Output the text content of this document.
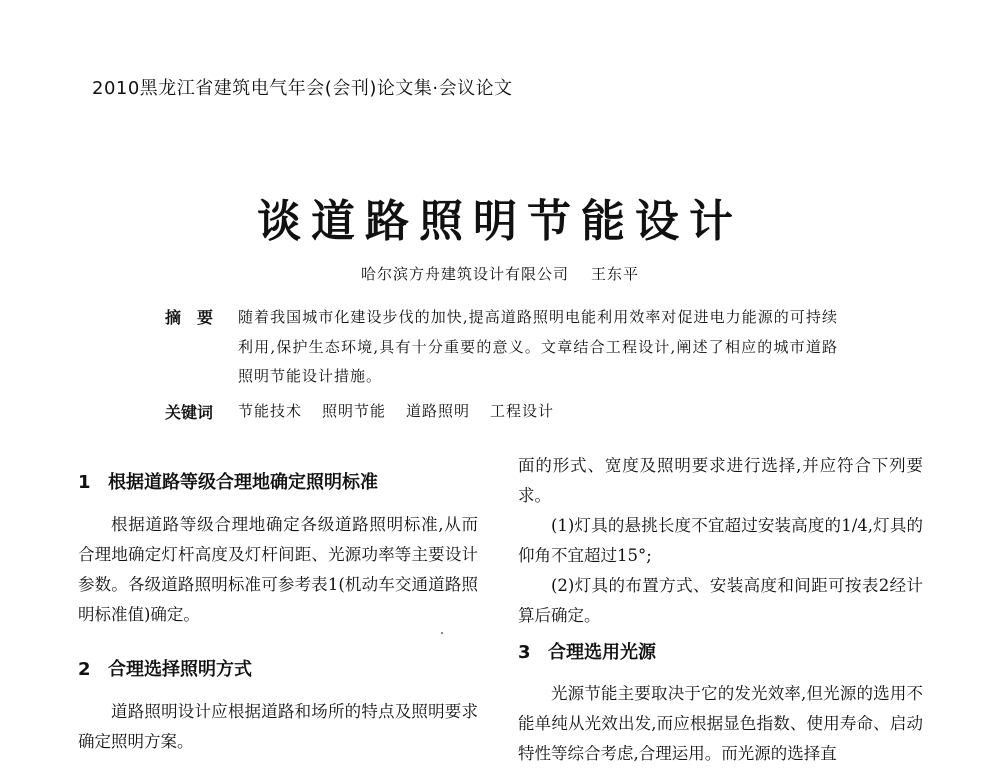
2010黑龙江省建筑电气年会(会刊)论文集·会议论文
谈道路照明节能设计
哈尔滨方舟建筑设计有限公司 王东平
摘 要 随着我国城市化建设步伐的加快,提高道路照明电能利用效率对促进电力能源的可持续利用,保护生态环境,具有十分重要的意义。文章结合工程设计,阐述了相应的城市道路照明节能设计措施。
关键词 节能技术 照明节能 道路照明 工程设计
1 根据道路等级合理地确定照明标准
根据道路等级合理地确定各级道路照明标准,从而合理地确定灯杆高度及灯杆间距、光源功率等主要设计参数。各级道路照明标准可参考表1(机动车交通道路照明标准值)确定。
2 合理选择照明方式
道路照明设计应根据道路和场所的特点及照明要求确定照明方案。
面的形式、宽度及照明要求进行选择,并应符合下列要求。
(1)灯具的悬挑长度不宜超过安装高度的1/4,灯具的仰角不宜超过15°;
(2)灯具的布置方式、安装高度和间距可按表2经计算后确定。
3 合理选用光源
光源节能主要取决于它的发光效率,但光源的选用不能单纯从光效出发,而应根据显色指数、使用寿命、启动特性等综合考虑,合理运用。而光源的选择直
